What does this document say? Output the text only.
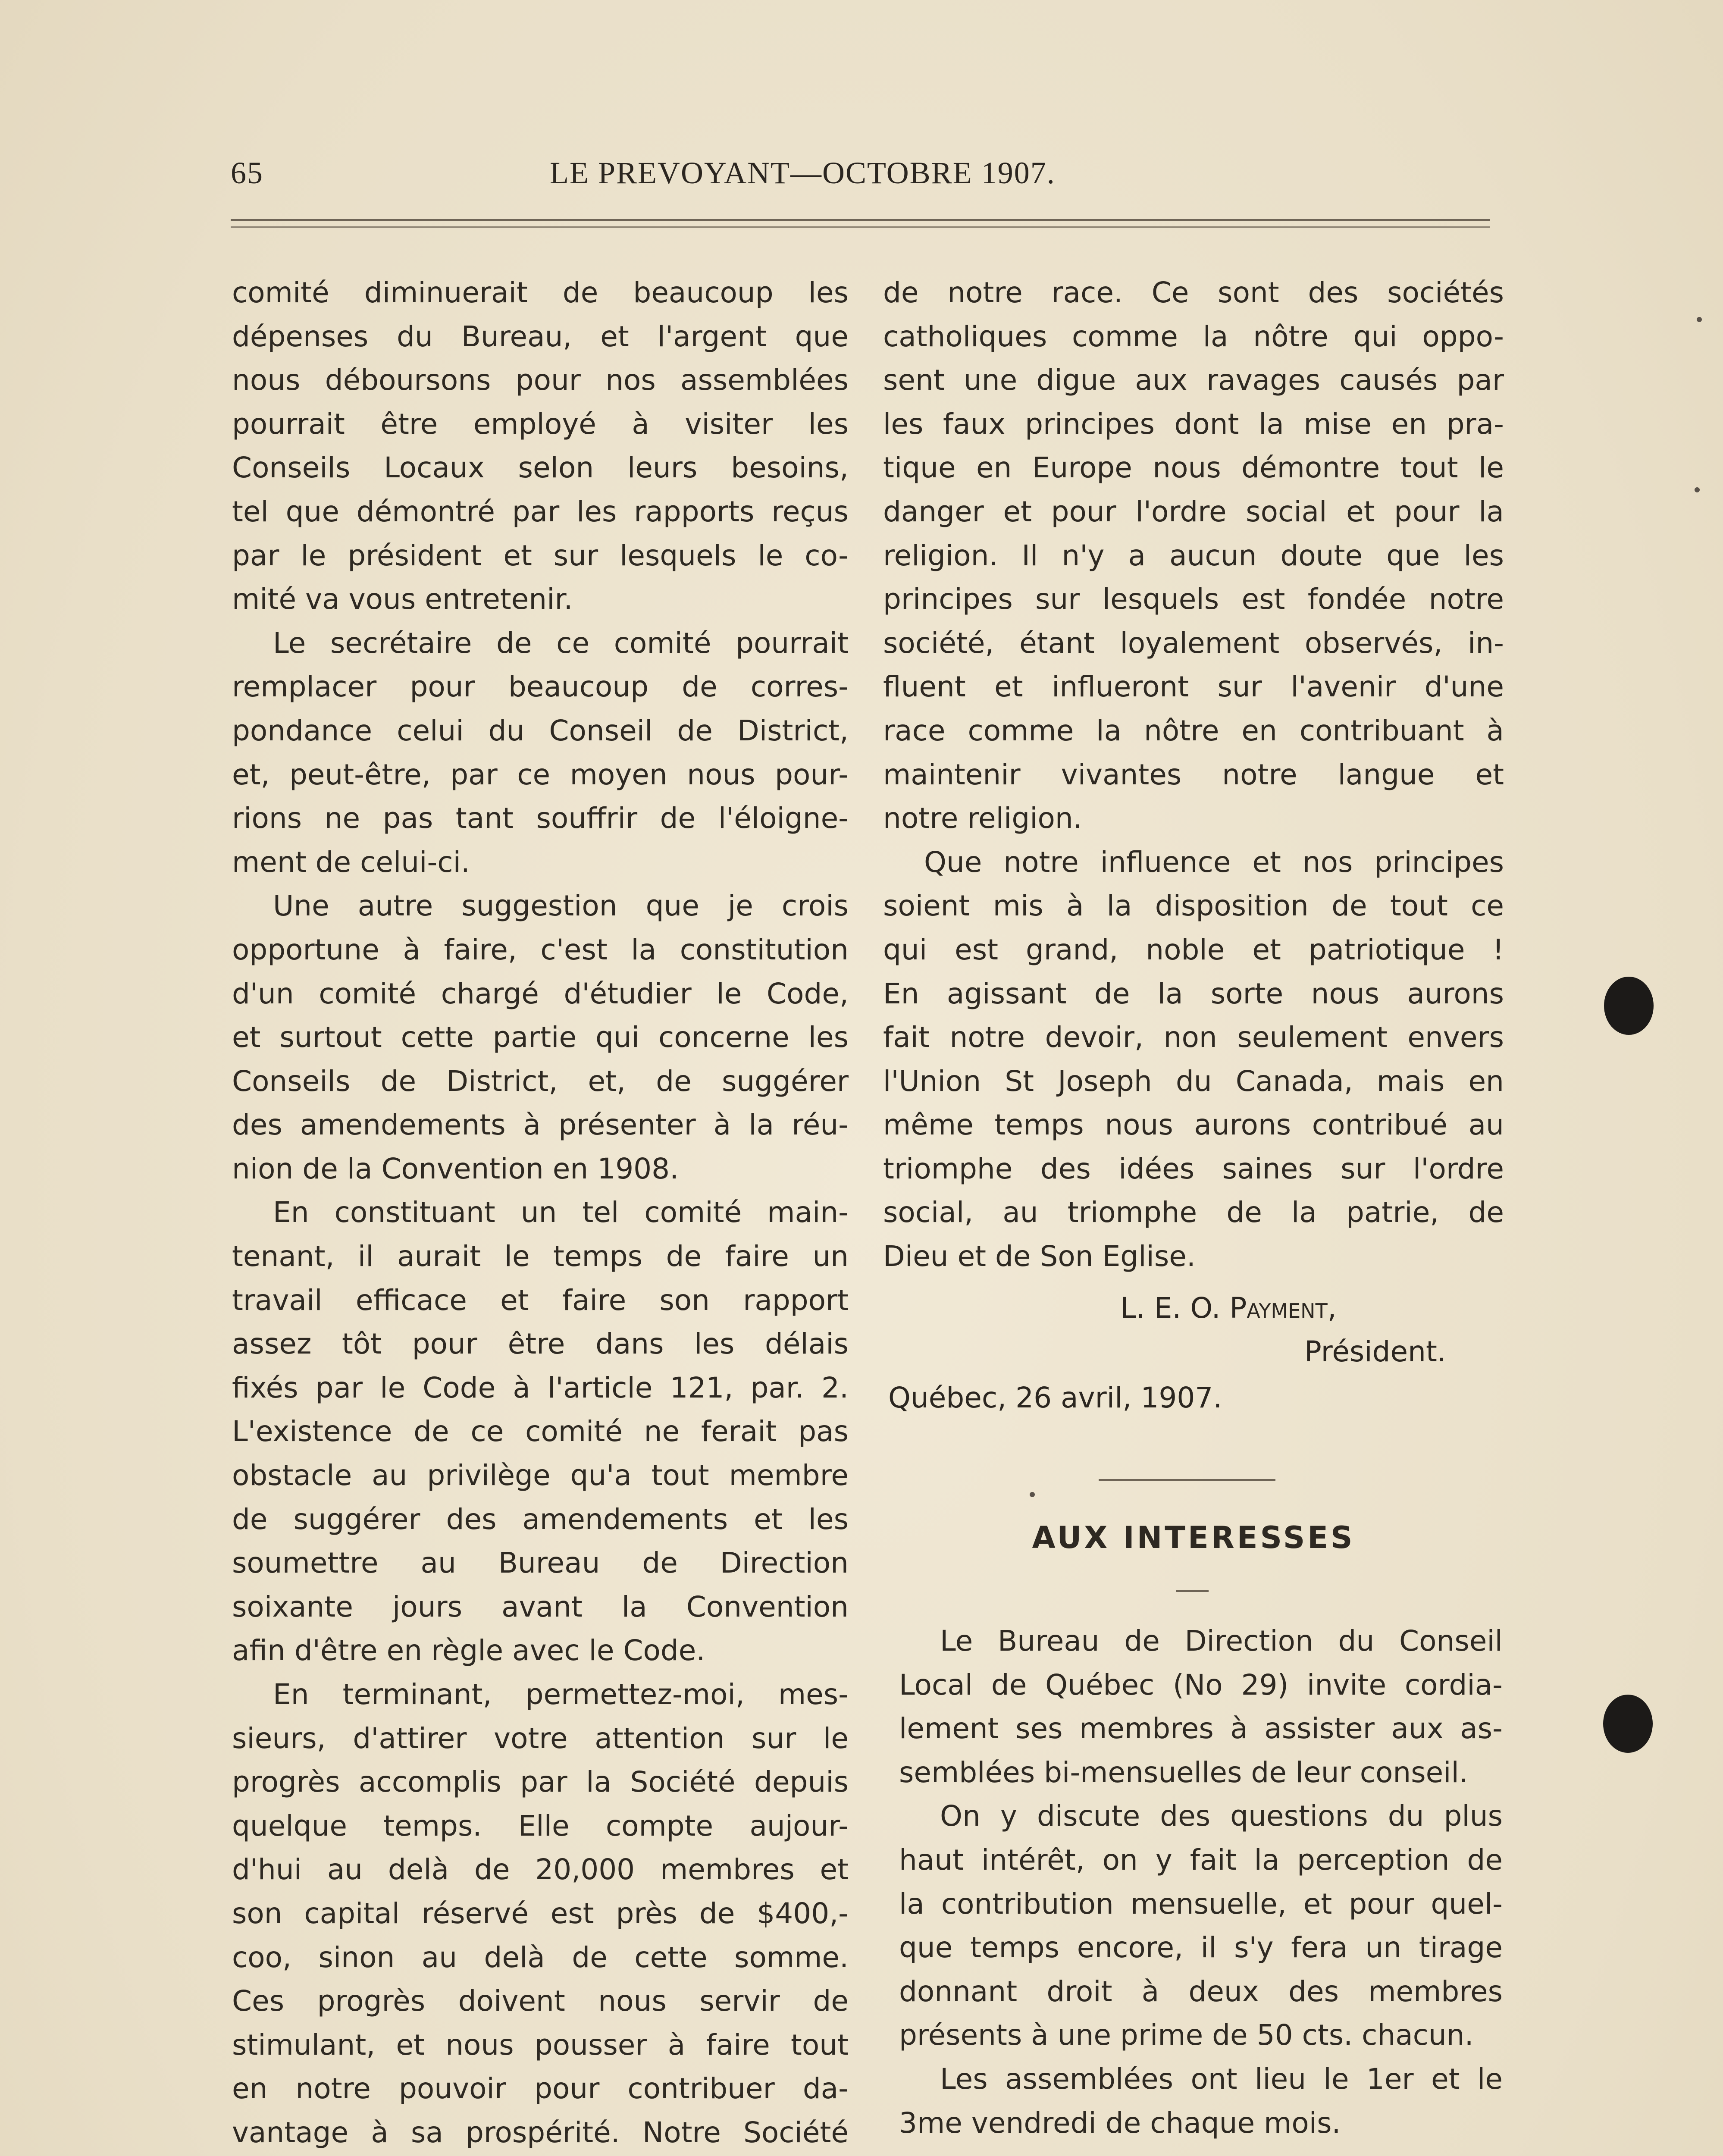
65	LE PREVOYANT—OCTOBRE 1907.

comité diminuerait de beaucoup les
dépenses du Bureau, et l'argent que
nous déboursons pour nos assemblées
pourrait être employé à visiter les
Conseils Locaux selon leurs besoins,
tel que démontré par les rapports reçus
par le président et sur lesquels le co-
mité va vous entretenir.

Le secrétaire de ce comité pourrait
remplacer pour beaucoup de corres-
pondance celui du Conseil de District,
et, peut-être, par ce moyen nous pour-
rions ne pas tant souffrir de l'éloigne-
ment de celui-ci.

Une autre suggestion que je crois
opportune à faire, c'est la constitution
d'un comité chargé d'étudier le Code,
et surtout cette partie qui concerne les
Conseils de District, et, de suggérer
des amendements à présenter à la réu-
nion de la Convention en 1908.

En constituant un tel comité main-
tenant, il aurait le temps de faire un
travail efficace et faire son rapport
assez tôt pour être dans les délais
fixés par le Code à l'article 121, par. 2.
L'existence de ce comité ne ferait pas
obstacle au privilège qu'a tout membre
de suggérer des amendements et les
soumettre au Bureau de Direction
soixante jours avant la Convention
afin d'être en règle avec le Code.

En terminant, permettez-moi, mes-
sieurs, d'attirer votre attention sur le
progrès accomplis par la Société depuis
quelque temps. Elle compte aujour-
d'hui au delà de 20,000 membres et
son capital réservé est près de $400,-
coo, sinon au delà de cette somme.
Ces progrès doivent nous servir de
stimulant, et nous pousser à faire tout
en notre pouvoir pour contribuer da-
vantage à sa prospérité. Notre Société

de notre race. Ce sont des sociétés
catholiques comme la nôtre qui oppo-
sent une digue aux ravages causés par
les faux principes dont la mise en pra-
tique en Europe nous démontre tout le
danger et pour l'ordre social et pour la
religion. Il n'y a aucun doute que les
principes sur lesquels est fondée notre
société, étant loyalement observés, in-
fluent et influeront sur l'avenir d'une
race comme la nôtre en contribuant à
maintenir vivantes notre langue et
notre religion.

Que notre influence et nos principes
soient mis à la disposition de tout ce
qui est grand, noble et patriotique !
En agissant de la sorte nous aurons
fait notre devoir, non seulement envers
l'Union St Joseph du Canada, mais en
même temps nous aurons contribué au
triomphe des idées saines sur l'ordre
social, au triomphe de la patrie, de
Dieu et de Son Eglise.

L. E. O. Payment,
Président.
Québec, 26 avril, 1907.
AUX INTERESSES

Le Bureau de Direction du Conseil
Local de Québec (No 29) invite cordia-
lement ses membres à assister aux as-
semblées bi-mensuelles de leur conseil.

On y discute des questions du plus
haut intérêt, on y fait la perception de
la contribution mensuelle, et pour quel-
que temps encore, il s'y fera un tirage
donnant droit à deux des membres
présents à une prime de 50 cts. chacun.

Les assemblées ont lieu le 1er et le
3me vendredi de chaque mois.
